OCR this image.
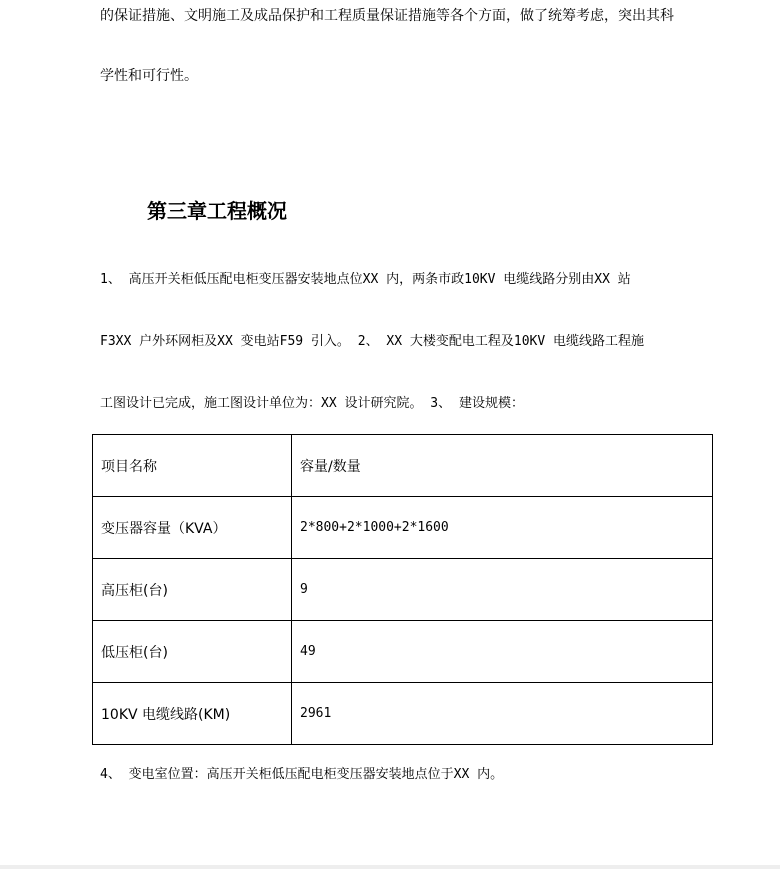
的保证措施、文明施工及成品保护和工程质量保证措施等各个方面，做了统筹考虑，突出其科
学性和可行性。
第三章工程概况
1、 高压开关柜低压配电柜变压器安装地点位XX 内，两条市政10KV 电缆线路分别由XX 站
F3XX 户外环网柜及XX 变电站F59 引入。 2、 XX 大楼变配电工程及10KV 电缆线路工程施
工图设计已完成，施工图设计单位为：XX 设计研究院。 3、 建设规模：
项目名称	容量/数量
变压器容量（KVA）	2*800+2*1000+2*1600
高压柜(台)	9
低压柜(台)	49
10KV 电缆线路(KM)	2961
4、 变电室位置：高压开关柜低压配电柜变压器安装地点位于XX 内。
